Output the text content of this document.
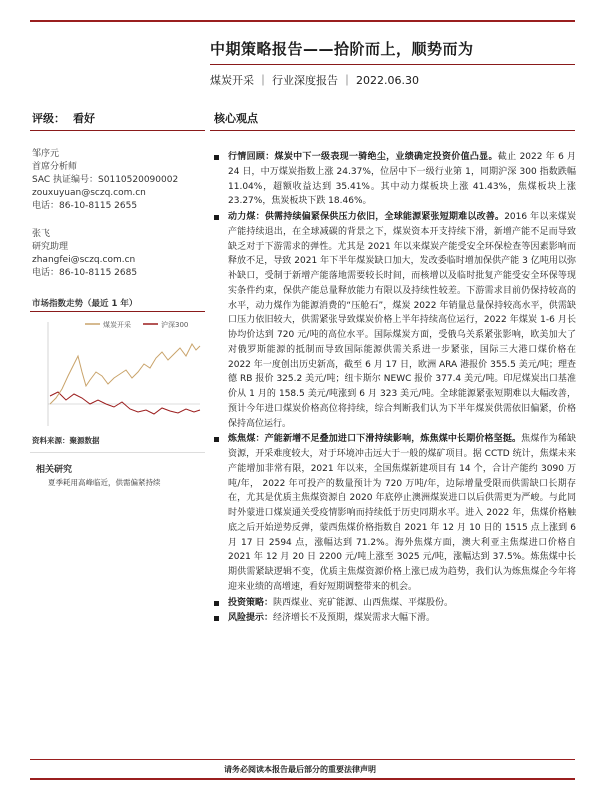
中期策略报告——拾阶而上，顺势而为
煤炭开采 ｜ 行业深度报告 ｜ 2022.06.30
评级： 看好	核心观点
邹序元
首席分析师
SAC 执证编号：S0110520090002
zouxuyuan@sczq.com.cn
电话：86-10-8115 2655
张飞
研究助理
zhangfei@sczq.com.cn
电话：86-10-8115 2685
市场指数走势（最近 1 年）
煤炭开采	沪深300
资料来源：聚源数据
相关研究
夏季耗用高峰临近，供需偏紧持续

行情回顾：煤炭中下一级表现一骑绝尘，业绩确定投资价值凸显。截止 2022 年 6 月 24 日，中万煤炭指数上涨 24.37%，位居中下一级行业第 1，同期沪深 300 指数跌幅 11.04%，超额收益达到 35.41%。其中动力煤板块上涨 41.43%，焦煤板块上涨 23.27%，焦炭板块下跌 18.46%。

动力煤：供需持续偏紧保供压力依旧，全球能源紧张短期难以改善。2016 年以来煤炭产能持续退出，在全球减碳的背景之下，煤炭资本开支持续下滑，新增产能不足而导致缺乏对于下游需求的弹性。尤其是 2021 年以来煤炭产能受安全环保检查等因素影响而释放不足，导致 2021 年下半年煤炭缺口加大，发改委临时增加保供产能 3 亿吨用以弥补缺口，受制于新增产能落地需要较长时间，而核增以及临时批复产能受安全环保等现实条件约束，保供产能总量释放能力有限以及持续性较差。下游需求目前仍保持较高的水平，动力煤作为能源消费的“压舱石”，煤炭 2022 年销量总量保持较高水平，供需缺口压力依旧较大，供需紧张导致煤炭价格上半年持续高位运行，2022 年煤炭 1-6 月长协均价达到 720 元/吨的高位水平。国际煤炭方面，受俄乌关系紧张影响，欧美加大了对俄罗斯能源的抵制而导致国际能源供需关系进一步紧张，国际三大港口煤价格在 2022 年一度创出历史新高，截至 6 月 17 日，欧洲 ARA 港报价 355.5 美元/吨；理查德 RB 报价 325.2 美元/吨；纽卡斯尔 NEWC 报价 377.4 美元/吨。印尼煤炭出口基准价从 1 月的 158.5 美元/吨涨到 6 月 323 美元/吨。全球能源紧张短期难以大幅改善，预计今年进口煤炭价格高位将持续，综合判断我们认为下半年煤炭供需依旧偏紧，价格保持高位运行。

炼焦煤：产能新增不足叠加进口下滑持续影响，炼焦煤中长期价格坚挺。焦煤作为稀缺资源，开采难度较大，对于环境冲击远大于一般的煤矿项目。据 CCTD 统计，焦煤未来产能增加非常有限，2021 年以来，全国焦煤新建项目有 14 个，合计产能约 3090 万吨/年， 2022 年可投产的数量预计为 720 万吨/年，边际增量受限而供需缺口长期存在，尤其是优质主焦煤资源自 2020 年底停止澳洲煤炭进口以后供需更为严峻。与此同时外蒙进口煤炭通关受疫情影响而持续低于历史同期水平。进入 2022 年，焦煤价格触底之后开始逆势反弹，蒙西焦煤价格指数自 2021 年 12 月 10 日的 1515 点上涨到 6 月 17 日 2594 点，涨幅达到 71.2%。海外焦煤方面，澳大利亚主焦煤进口价格自 2021 年 12 月 20 日 2200 元/吨上涨至 3025 元/吨，涨幅达到 37.5%。炼焦煤中长期供需紧缺逻辑不变，优质主焦煤资源价格上涨已成为趋势，我们认为炼焦煤企今年将迎来业绩的高增速，看好短期调整带来的机会。

投资策略：陕西煤业、兖矿能源、山西焦煤、平煤股份。

风险提示：经济增长不及预期，煤炭需求大幅下滑。

请务必阅读本报告最后部分的重要法律声明
